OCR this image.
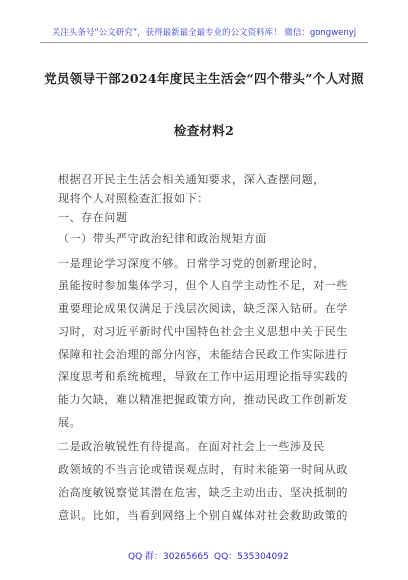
关注头条号“公文研究”，获得最新最全最专业的公文资料库！ 微信：gongwenyj
党员领导干部2024年度民主生活会“四个带头”个人对照
检查材料2
根据召开民主生活会相关通知要求，深入查摆问题，
现将个人对照检查汇报如下：
一、存在问题
（一）带头严守政治纪律和政治规矩方面
一是理论学习深度不够。日常学习党的创新理论时，
虽能按时参加集体学习，但个人自学主动性不足，对一些
重要理论成果仅满足于浅层次阅读，缺乏深入钻研。在学
习时，对习近平新时代中国特色社会主义思想中关于民生
保障和社会治理的部分内容，未能结合民政工作实际进行
深度思考和系统梳理，导致在工作中运用理论指导实践的
能力欠缺，难以精准把握政策方向，推动民政工作创新发
展。
二是政治敏锐性有待提高。在面对社会上一些涉及民
政领域的不当言论或错误观点时，有时未能第一时间从政
治高度敏锐察觉其潜在危害，缺乏主动出击、坚决抵制的
意识。比如，当看到网络上个别自媒体对社会救助政策的
QQ 群：30265665 QQ：535304092
